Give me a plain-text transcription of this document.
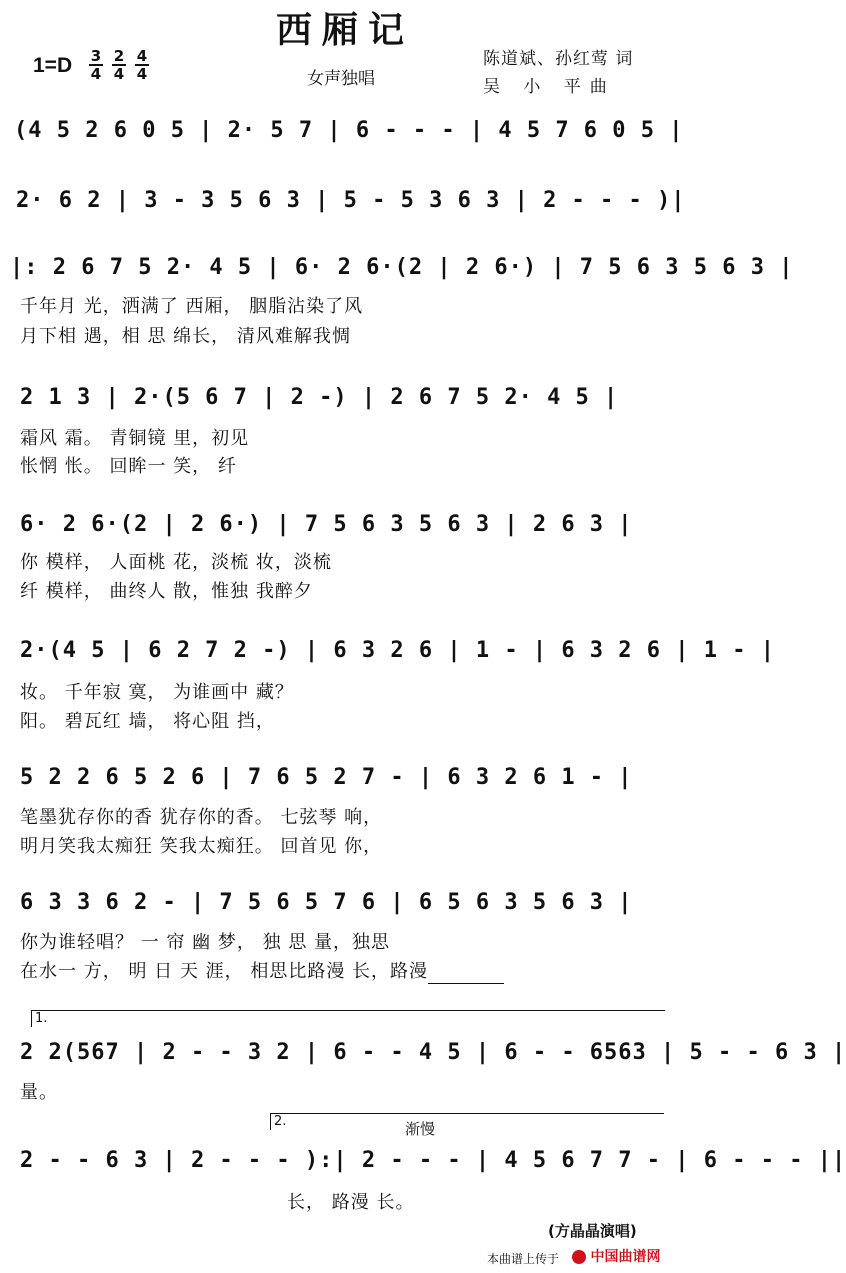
西厢记
1=D 3
4
2
4
4
4	女声独唱
陈道斌、孙红莺 词
吴 小 平曲
(4 5 2 6 0 5 | 2· 5 7 | 6 - - - | 4 5 7 6 0 5 |
2· 6 2 | 3 - 3 5 6 3 | 5 - 5 3 6 3 | 2 - - - )|
|: 2 6 7 5 2· 4 5 | 6· 2 6·(2 | 2 6·) | 7 5 6 3 5 6 3 |
千年月 光，洒满了 西厢， 胭脂沾染了风
月下相 遇，相 思 绵长， 清风难解我惆
2 1 3 | 2·(5 6 7 | 2 -) | 2 6 7 5 2· 4 5 |
霜风 霜。 青铜镜 里，初见
怅惘 怅。 回眸一 笑， 纤
6· 2 6·(2 | 2 6·) | 7 5 6 3 5 6 3 | 2 6 3 |
你 模样， 人面桃 花，淡梳 妆，淡梳
纤 模样， 曲终人 散，惟独 我醉夕
2·(4 5 | 6 2 7 2 -) | 6 3 2 6 | 1 - | 6 3 2 6 | 1 - |
妆。 千年寂 寞， 为谁画中 藏？
阳。 碧瓦红 墙， 将心阻 挡，
5 2 2 6 5 2 6 | 7 6 5 2 7 - | 6 3 2 6 1 - |
笔墨犹存你的香 犹存你的香。 七弦琴 响，
明月笑我太痴狂 笑我太痴狂。 回首见 你，
6 3 3 6 2 - | 7 5 6 5 7 6 | 6 5 6 3 5 6 3 |
你为谁轻唱？ 一 帘 幽 梦， 独 思 量，独思
在水一 方， 明 日 天 涯， 相思比路漫 长，路漫
1.
2 2(567 | 2 - - 3 2 | 6 - - 4 5 | 6 - - 6563 | 5 - - 6 3 |
量。
2.	渐慢
2 - - 6 3 | 2 - - - ):| 2 - - - | 4 5 6 7 7 - | 6 - - - ||
长， 路漫 长。
(方晶晶演唱)
本曲谱上传于	中国曲谱网
